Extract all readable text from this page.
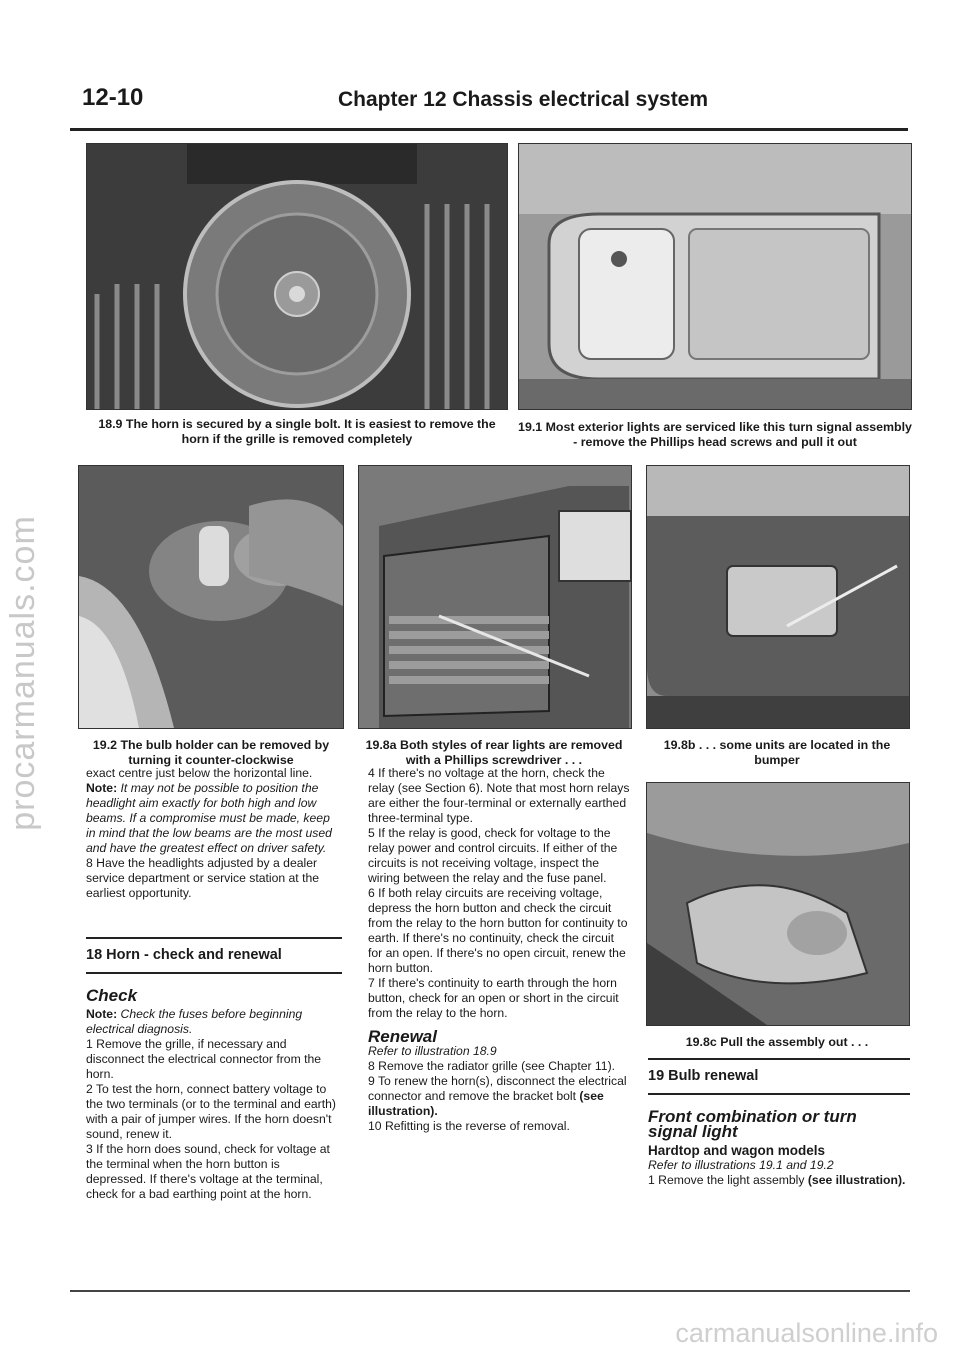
procarmanuals.com
carmanualsonline.info
12-10	Chapter 12 Chassis electrical system
18.9 The horn is secured by a single bolt. It is easiest to remove the horn if the grille is removed completely
19.1 Most exterior lights are serviced like this turn signal assembly - remove the Phillips head screws and pull it out
19.2 The bulb holder can be removed by turning it counter-clockwise
19.8a Both styles of rear lights are removed with a Phillips screwdriver . . .
19.8b . . . some units are located in the bumper
19.8c Pull the assembly out . . .

exact centre just below the horizontal line.

Note: It may not be possible to position the headlight aim exactly for both high and low beams. If a compromise must be made, keep in mind that the low beams are the most used and have the greatest effect on driver safety.

8 Have the headlights adjusted by a dealer service department or service station at the earliest opportunity.

18 Horn - check and renewal

Check

Note: Check the fuses before beginning electrical diagnosis.

1 Remove the grille, if necessary and disconnect the electrical connector from the horn.

2 To test the horn, connect battery voltage to the two terminals (or to the terminal and earth) with a pair of jumper wires. If the horn doesn't sound, renew it.

3 If the horn does sound, check for voltage at the terminal when the horn button is depressed. If there's voltage at the terminal, check for a bad earthing point at the horn.

4 If there's no voltage at the horn, check the relay (see Section 6). Note that most horn relays are either the four-terminal or externally earthed three-terminal type.

5 If the relay is good, check for voltage to the relay power and control circuits. If either of the circuits is not receiving voltage, inspect the wiring between the relay and the fuse panel.

6 If both relay circuits are receiving voltage, depress the horn button and check the circuit from the relay to the horn button for continuity to earth. If there's no continuity, check the circuit for an open. If there's no open circuit, renew the horn button.

7 If there's continuity to earth through the horn button, check for an open or short in the circuit from the relay to the horn.

Renewal

Refer to illustration 18.9

8 Remove the radiator grille (see Chapter 11).

9 To renew the horn(s), disconnect the electrical connector and remove the bracket bolt (see illustration).

10 Refitting is the reverse of removal.

19 Bulb renewal

Front combination or turn signal light

Hardtop and wagon models

Refer to illustrations 19.1 and 19.2

1 Remove the light assembly (see illustration).
